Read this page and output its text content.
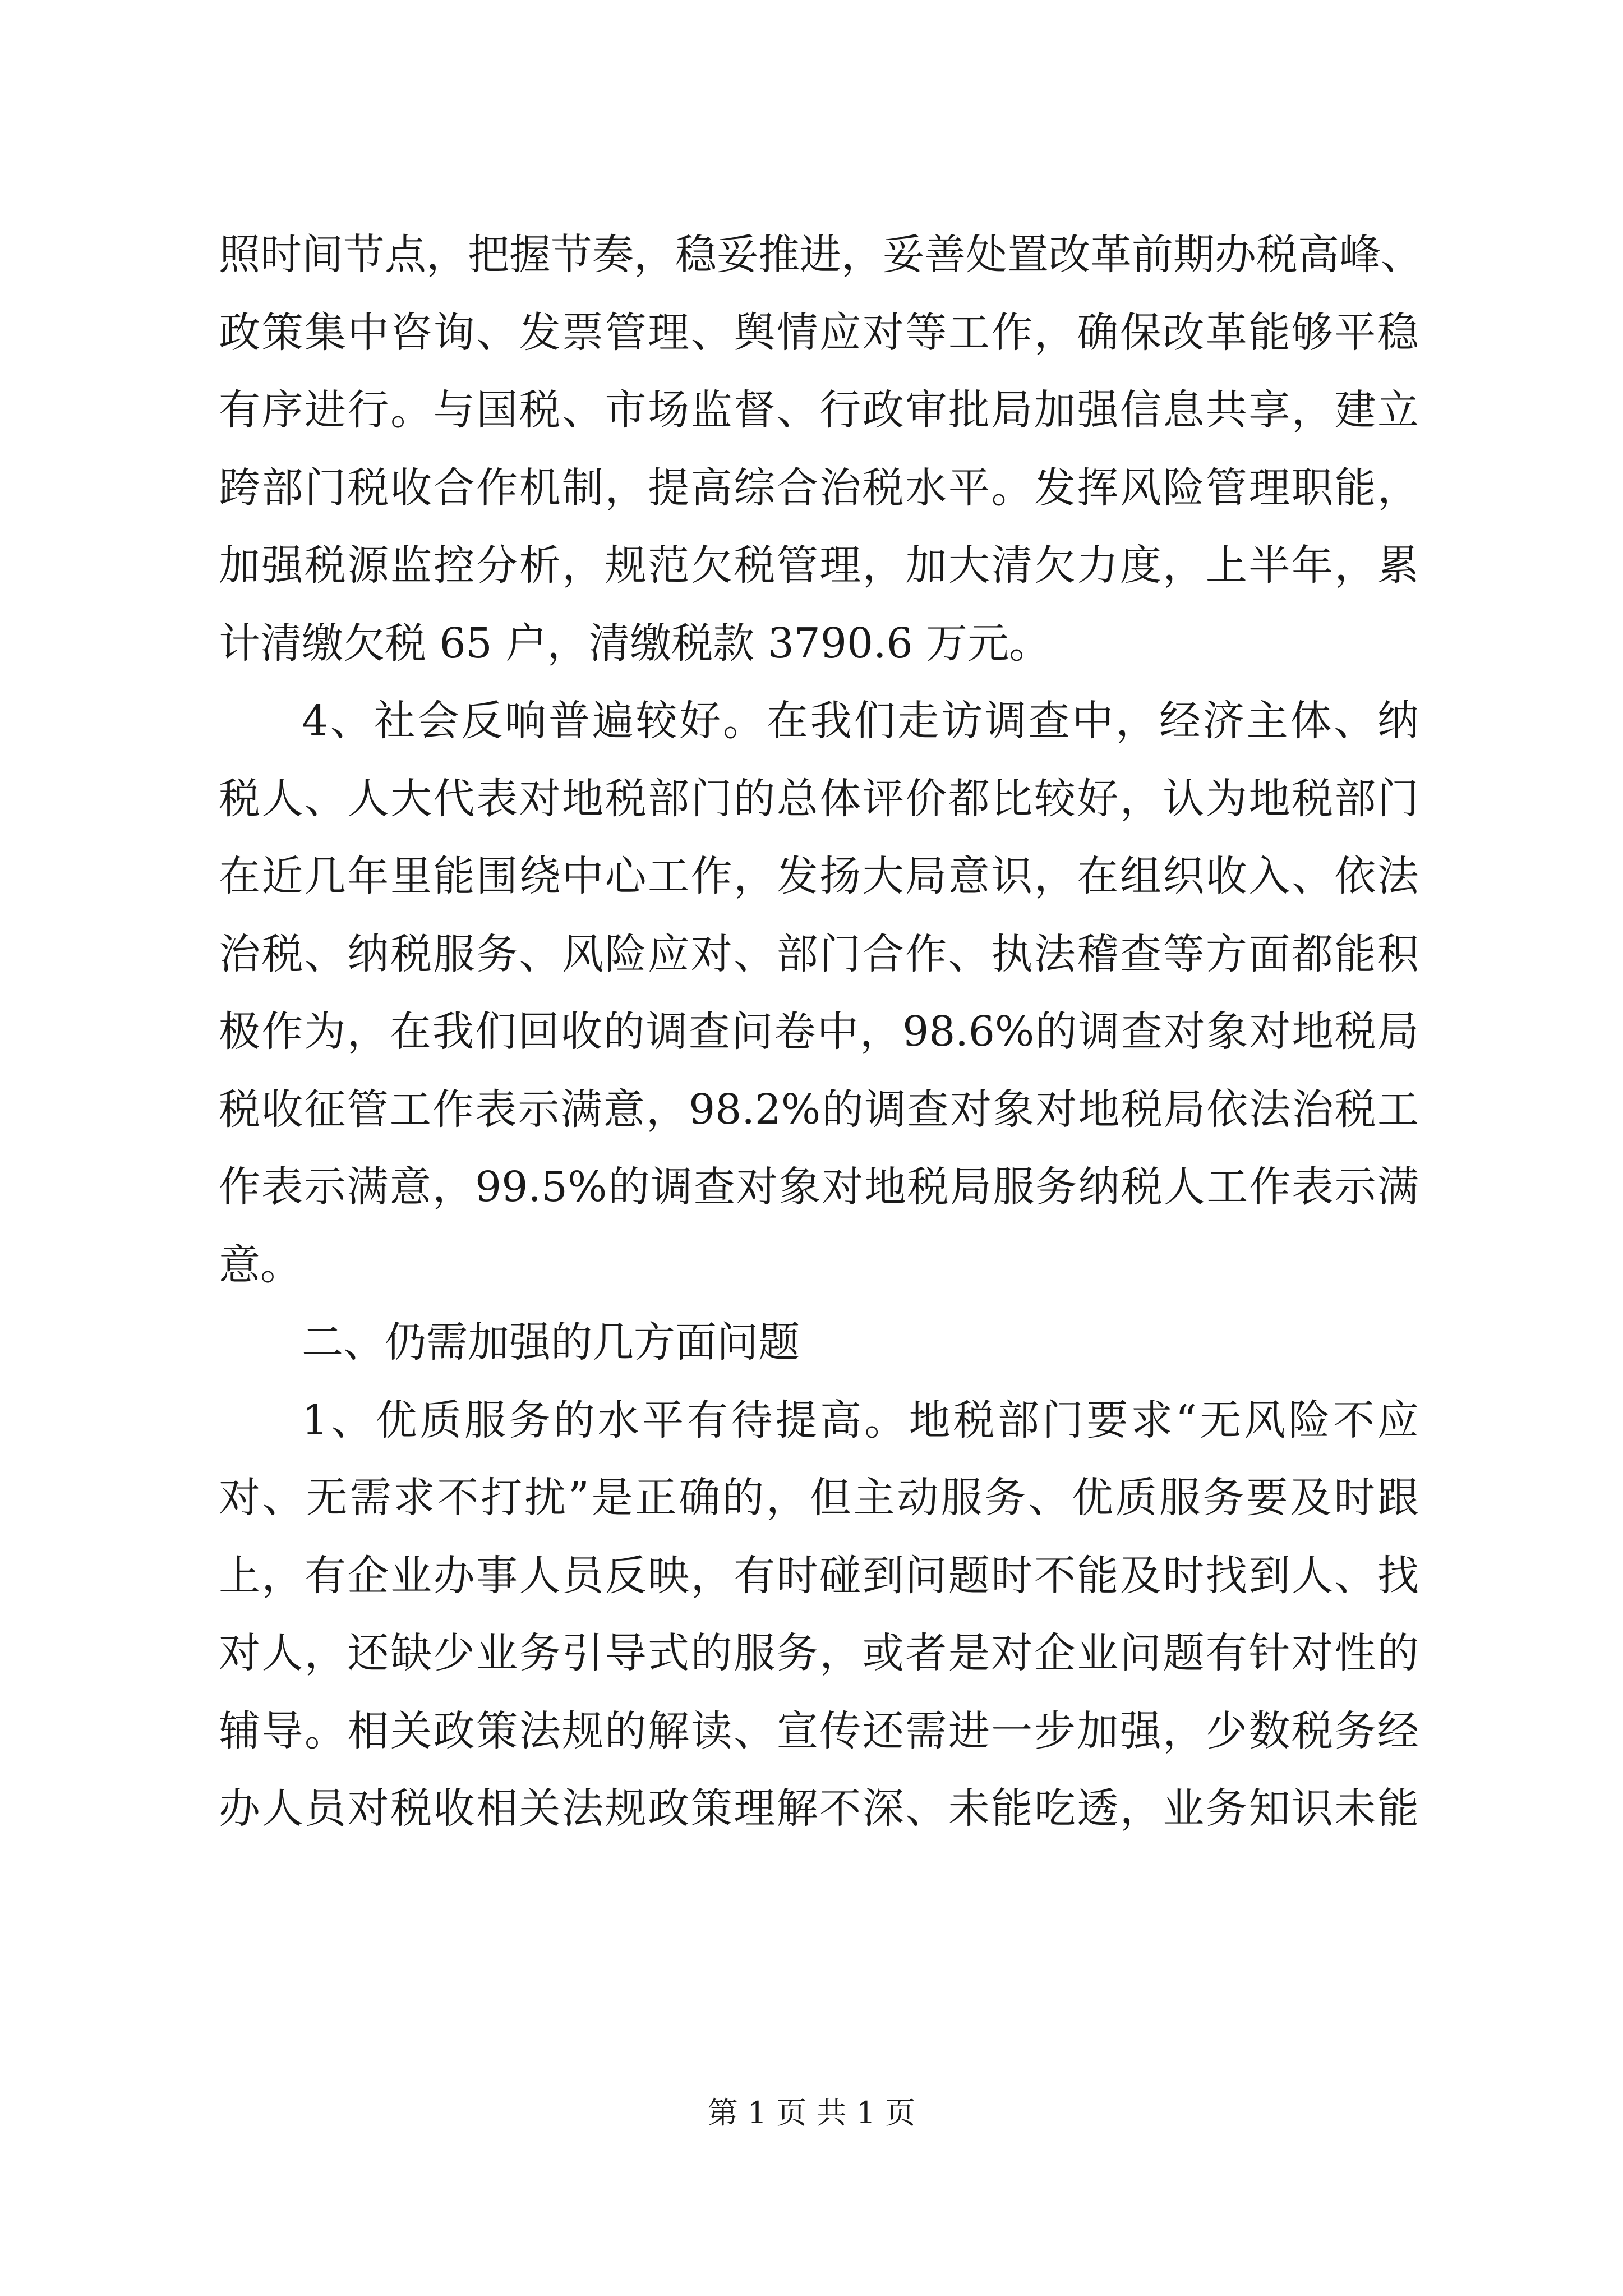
照时间节点，把握节奏，稳妥推进，妥善处置改革前期办税高峰、
政策集中咨询、发票管理、舆情应对等工作，确保改革能够平稳
有序进行。与国税、市场监督、行政审批局加强信息共享，建立
跨部门税收合作机制，提高综合治税水平。发挥风险管理职能，
加强税源监控分析，规范欠税管理，加大清欠力度，上半年，累
计清缴欠税 65 户，清缴税款 3790.6 万元。
4、社会反响普遍较好。在我们走访调查中，经济主体、纳
税人、人大代表对地税部门的总体评价都比较好，认为地税部门
在近几年里能围绕中心工作，发扬大局意识，在组织收入、依法
治税、纳税服务、风险应对、部门合作、执法稽查等方面都能积
极作为，在我们回收的调查问卷中，98.6%的调查对象对地税局
税收征管工作表示满意，98.2%的调查对象对地税局依法治税工
作表示满意，99.5%的调查对象对地税局服务纳税人工作表示满
意。
二、仍需加强的几方面问题
1、优质服务的水平有待提高。地税部门要求“无风险不应
对、无需求不打扰”是正确的，但主动服务、优质服务要及时跟
上，有企业办事人员反映，有时碰到问题时不能及时找到人、找
对人，还缺少业务引导式的服务，或者是对企业问题有针对性的
辅导。相关政策法规的解读、宣传还需进一步加强，少数税务经
办人员对税收相关法规政策理解不深、未能吃透，业务知识未能
第 1 页 共 1 页
